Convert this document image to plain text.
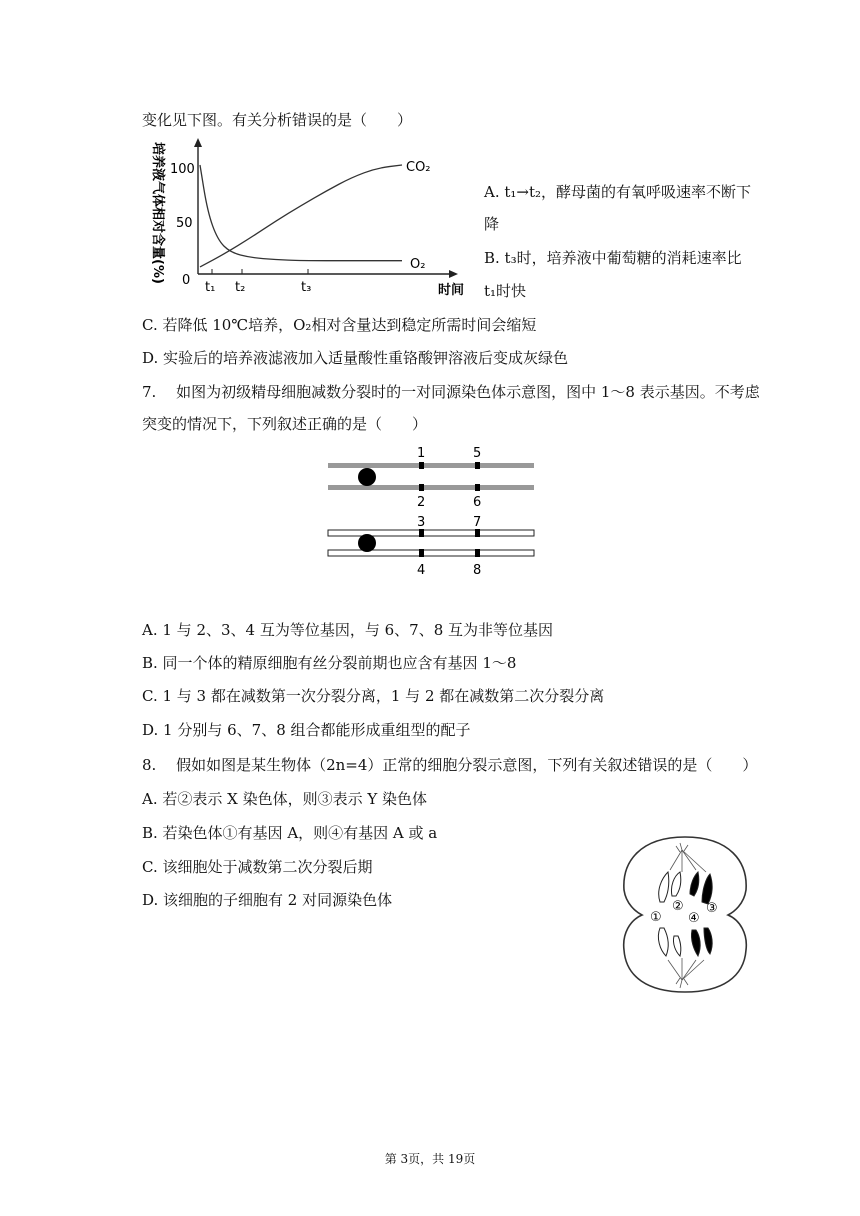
变化见下图。有关分析错误的是（　　）
培养液气体相对含量(%) 100
50
0 t₁ t₂	t₃	时间
CO₂
O₂
A. t₁→t₂，酵母菌的有氧呼吸速率不断下
降
B. t₃时，培养液中葡萄糖的消耗速率比
t₁时快
C. 若降低 10℃培养，O₂相对含量达到稳定所需时间会缩短
D. 实验后的培养液滤液加入适量酸性重铬酸钾溶液后变成灰绿色
7.　 如图为初级精母细胞减数分裂时的一对同源染色体示意图，图中 1～8 表示基因。不考虑
突变的情况下，下列叙述正确的是（　　）
1	5
2	6
3	7
4	8
A. 1 与 2、3、4 互为等位基因，与 6、7、8 互为非等位基因
B. 同一个体的精原细胞有丝分裂前期也应含有基因 1～8
C. 1 与 3 都在减数第一次分裂分离，1 与 2 都在减数第二次分裂分离
D. 1 分别与 6、7、8 组合都能形成重组型的配子
8.　 假如如图是某生物体（2n=4）正常的细胞分裂示意图，下列有关叙述错误的是（　　）
A. 若②表示 X 染色体，则③表示 Y 染色体
B. 若染色体①有基因 A，则④有基因 A 或 a
C. 该细胞处于减数第二次分裂后期
D. 该细胞的子细胞有 2 对同源染色体
①
②
④
③
第 3页，共 19页
